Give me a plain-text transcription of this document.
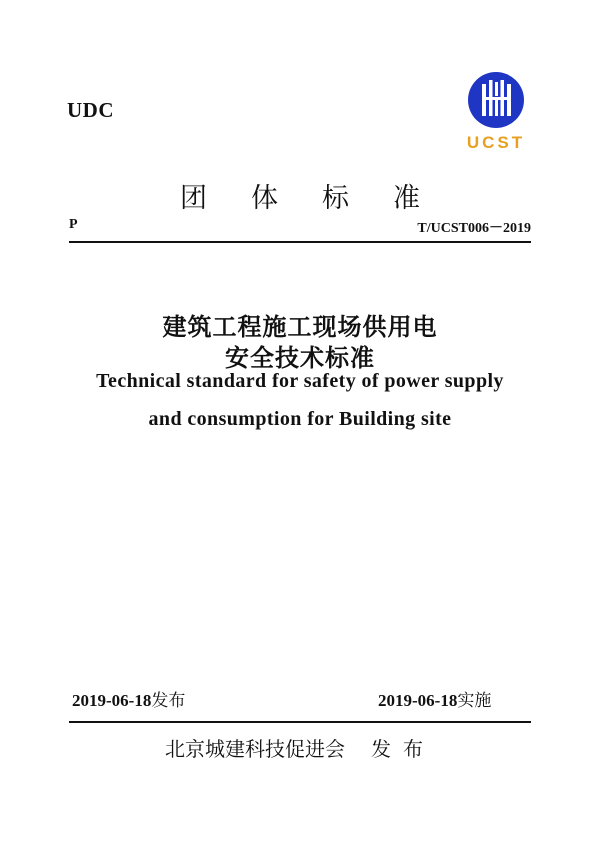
UDC
UCST
团体标准
P	T/UCST006－2019
建筑工程施工现场供用电
安全技术标准
Technical standard for safety of power supply
and consumption for Building site
2019-06-18发布	2019-06-18实施
北京城建科技促进会 发布
